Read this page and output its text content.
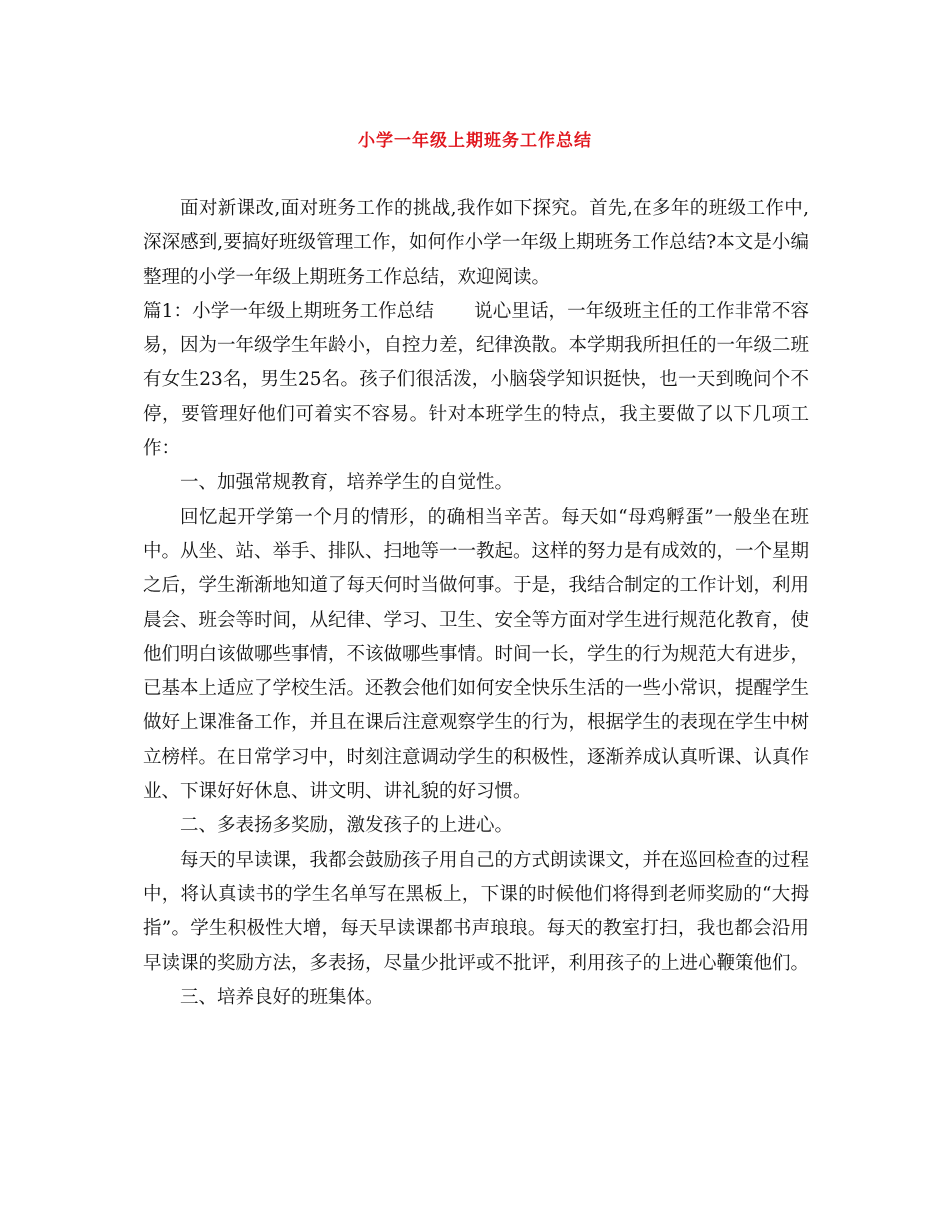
小学一年级上期班务工作总结

面对新课改,面对班务工作的挑战,我作如下探究。首先,在多年的班级工作中,深深感到,要搞好班级管理工作，如何作小学一年级上期班务工作总结?本文是小编整理的小学一年级上期班务工作总结，欢迎阅读。

篇1：小学一年级上期班务工作总结 说心里话，一年级班主任的工作非常不容易，因为一年级学生年龄小，自控力差，纪律涣散。本学期我所担任的一年级二班有女生23名，男生25名。孩子们很活泼，小脑袋学知识挺快，也一天到晚问个不停，要管理好他们可着实不容易。针对本班学生的特点，我主要做了以下几项工作：

一、加强常规教育，培养学生的自觉性。

回忆起开学第一个月的情形，的确相当辛苦。每天如“母鸡孵蛋”一般坐在班中。从坐、站、举手、排队、扫地等一一教起。这样的努力是有成效的，一个星期之后，学生渐渐地知道了每天何时当做何事。于是，我结合制定的工作计划，利用晨会、班会等时间，从纪律、学习、卫生、安全等方面对学生进行规范化教育，使他们明白该做哪些事情，不该做哪些事情。时间一长，学生的行为规范大有进步，已基本上适应了学校生活。还教会他们如何安全快乐生活的一些小常识，提醒学生做好上课准备工作，并且在课后注意观察学生的行为，根据学生的表现在学生中树立榜样。在日常学习中，时刻注意调动学生的积极性，逐渐养成认真听课、认真作业、下课好好休息、讲文明、讲礼貌的好习惯。

二、多表扬多奖励，激发孩子的上进心。

每天的早读课，我都会鼓励孩子用自己的方式朗读课文，并在巡回检查的过程中，将认真读书的学生名单写在黑板上，下课的时候他们将得到老师奖励的“大拇指”。学生积极性大增，每天早读课都书声琅琅。每天的教室打扫，我也都会沿用早读课的奖励方法，多表扬，尽量少批评或不批评，利用孩子的上进心鞭策他们。

三、培养良好的班集体。
